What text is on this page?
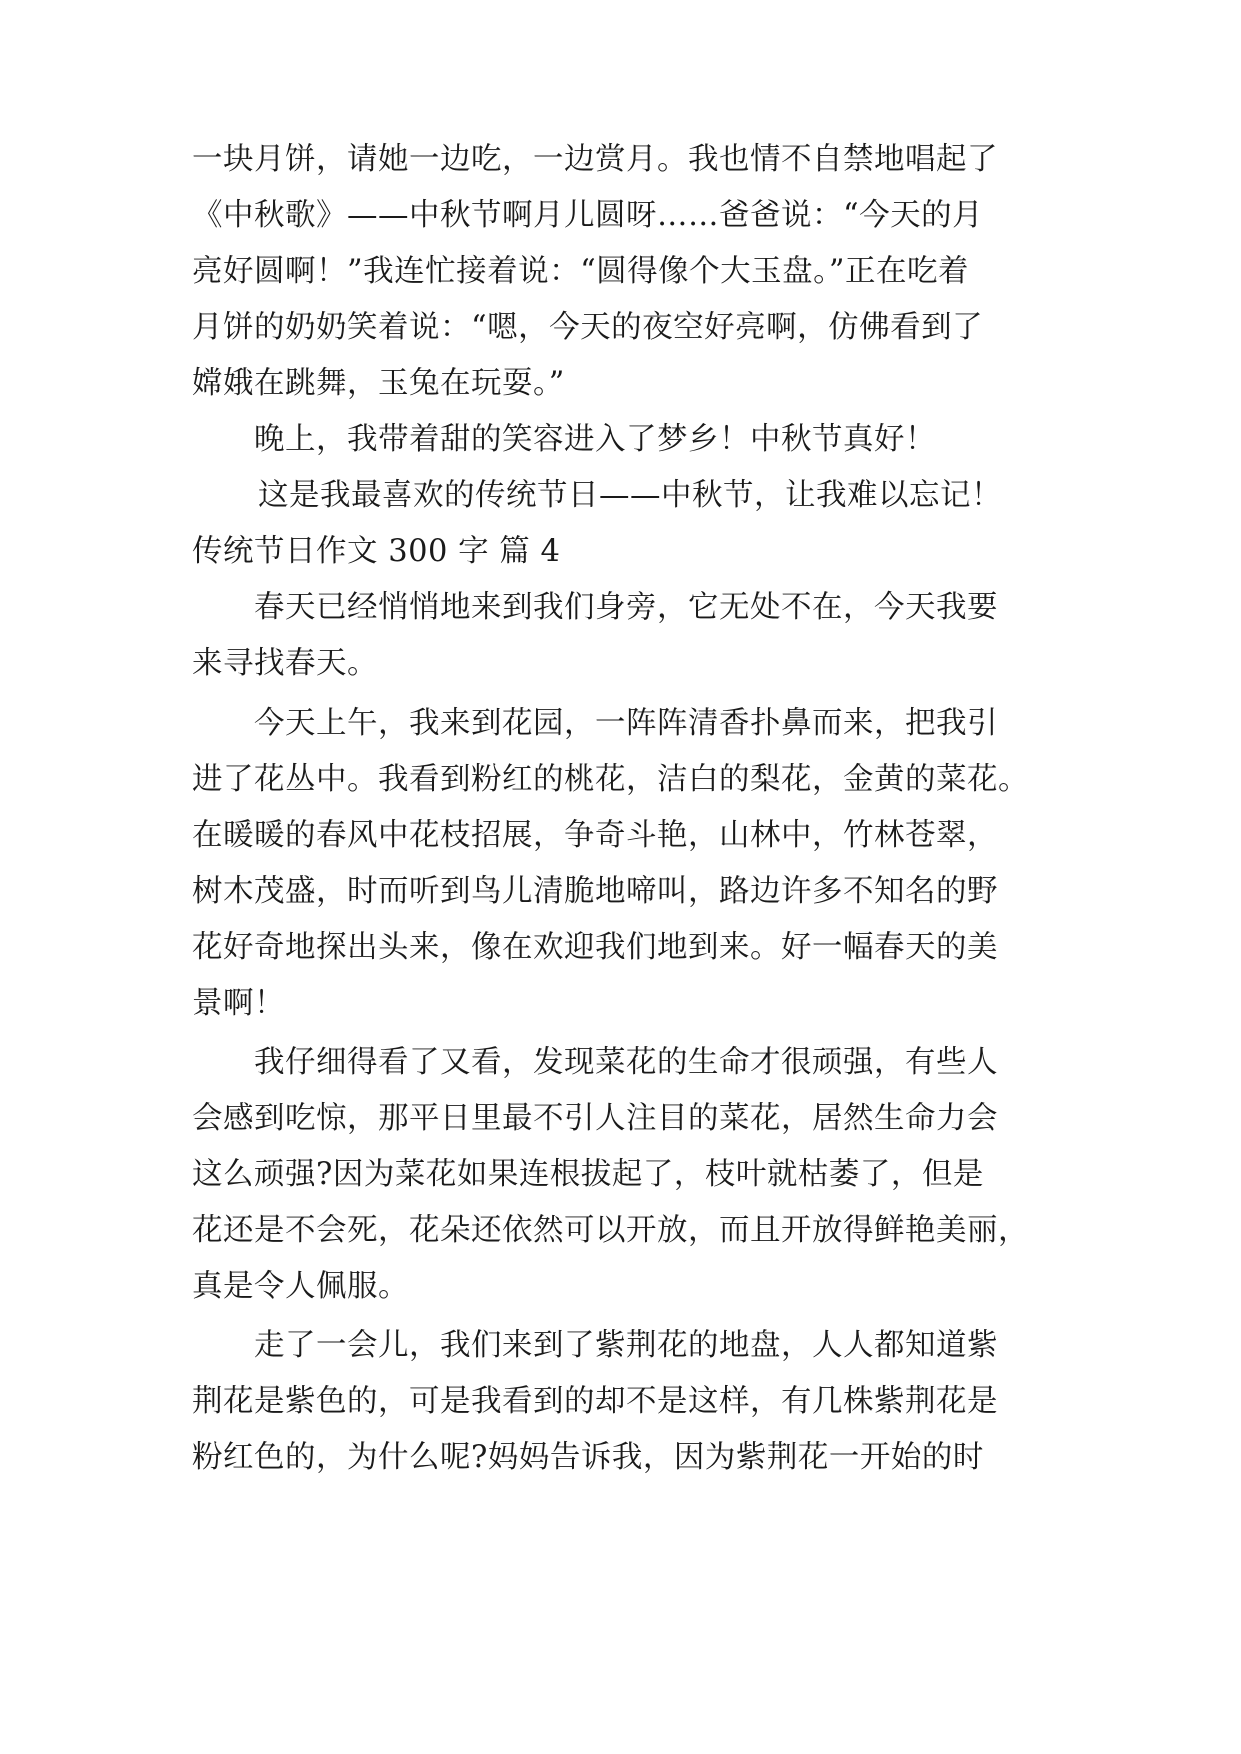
一块月饼，请她一边吃，一边赏月。我也情不自禁地唱起了
《中秋歌》——中秋节啊月儿圆呀……爸爸说：“今天的月
亮好圆啊！”我连忙接着说：“圆得像个大玉盘。”正在吃着
月饼的奶奶笑着说：“嗯，今天的夜空好亮啊，仿佛看到了
嫦娥在跳舞，玉兔在玩耍。”
晚上，我带着甜的笑容进入了梦乡！中秋节真好！
这是我最喜欢的传统节日——中秋节，让我难以忘记！
传统节日作文 300 字 篇 4
春天已经悄悄地来到我们身旁，它无处不在，今天我要
来寻找春天。
今天上午，我来到花园，一阵阵清香扑鼻而来，把我引
进了花丛中。我看到粉红的桃花，洁白的梨花，金黄的菜花。
在暖暖的春风中花枝招展，争奇斗艳，山林中，竹林苍翠，
树木茂盛，时而听到鸟儿清脆地啼叫，路边许多不知名的野
花好奇地探出头来，像在欢迎我们地到来。好一幅春天的美
景啊！
我仔细得看了又看，发现菜花的生命才很顽强，有些人
会感到吃惊，那平日里最不引人注目的菜花，居然生命力会
这么顽强?因为菜花如果连根拔起了，枝叶就枯萎了，但是
花还是不会死，花朵还依然可以开放，而且开放得鲜艳美丽，
真是令人佩服。
走了一会儿，我们来到了紫荆花的地盘，人人都知道紫
荆花是紫色的，可是我看到的却不是这样，有几株紫荆花是
粉红色的，为什么呢?妈妈告诉我，因为紫荆花一开始的时
